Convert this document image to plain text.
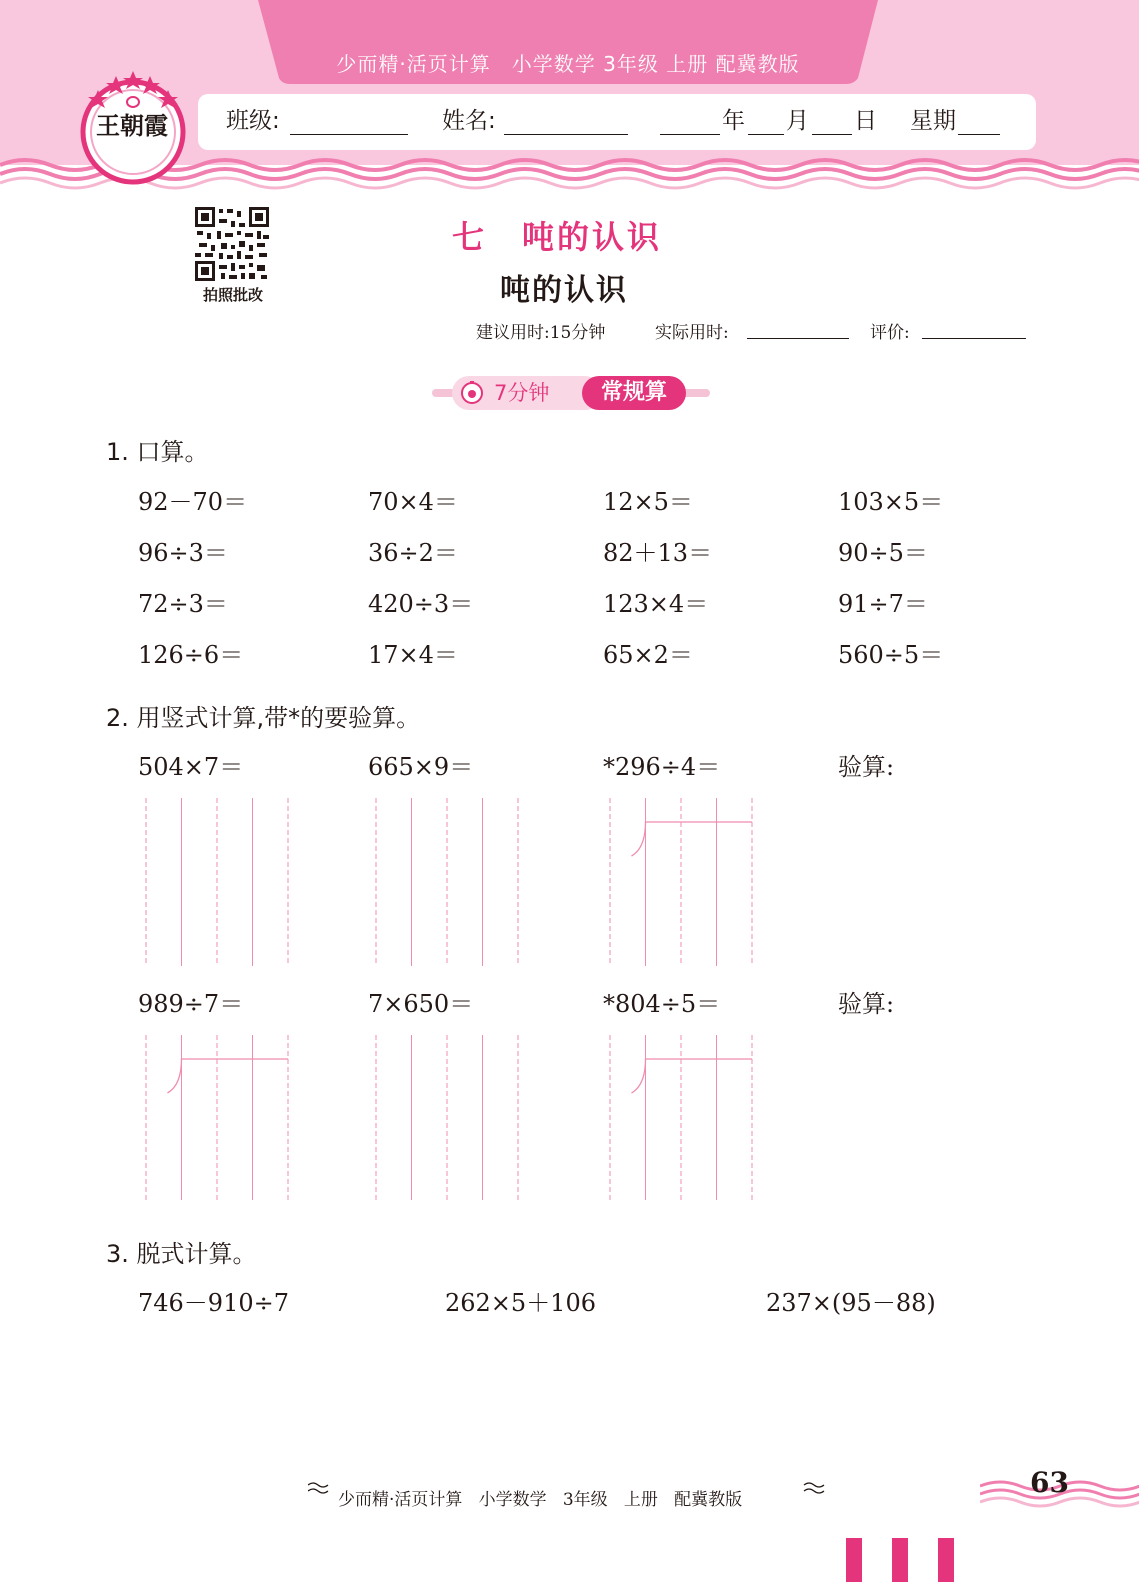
少而精·活页计算　小学数学 3年级 上册 配冀教版
班级:	姓名:	年 月 日 星期
王朝霞
拍照批改
七　吨的认识
吨的认识
建议用时:15分钟	实际用时:	评价:
7分钟	常规算
1. 口算。
92－70＝	70×4＝	12×5＝	103×5＝
96÷3＝	36÷2＝	82＋13＝	90÷5＝
72÷3＝	420÷3＝	123×4＝	91÷7＝
126÷6＝	17×4＝	65×2＝	560÷5＝
2. 用竖式计算,带*的要验算。
504×7＝	665×9＝	*296÷4＝	验算:
989÷7＝	7×650＝	*804÷5＝	验算:
3. 脱式计算。
746－910÷7	262×5＋106	237×(95－88)
少而精·活页计算   小学数学   3年级   上册   配冀教版
63
